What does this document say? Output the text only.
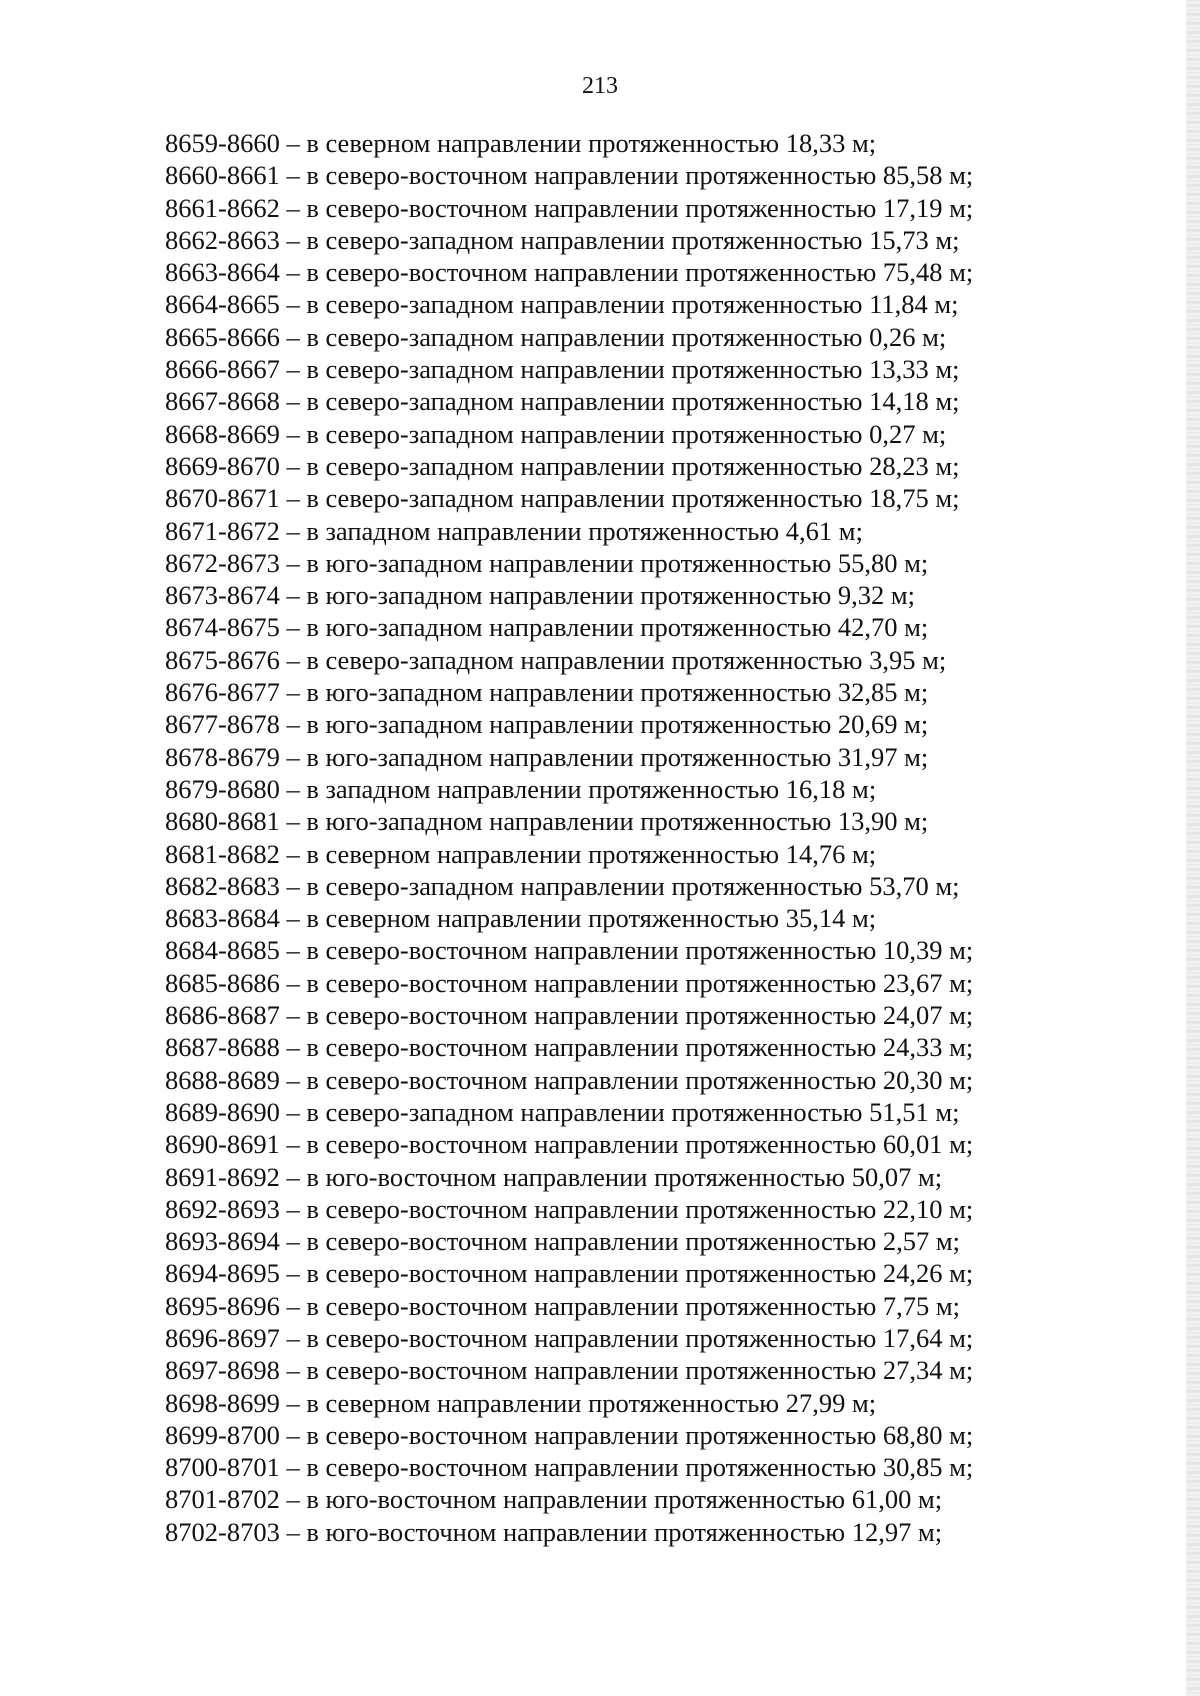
213
8659-8660 – в северном направлении протяженностью 18,33 м;
8660-8661 – в северо-восточном направлении протяженностью 85,58 м;
8661-8662 – в северо-восточном направлении протяженностью 17,19 м;
8662-8663 – в северо-западном направлении протяженностью 15,73 м;
8663-8664 – в северо-восточном направлении протяженностью 75,48 м;
8664-8665 – в северо-западном направлении протяженностью 11,84 м;
8665-8666 – в северо-западном направлении протяженностью 0,26 м;
8666-8667 – в северо-западном направлении протяженностью 13,33 м;
8667-8668 – в северо-западном направлении протяженностью 14,18 м;
8668-8669 – в северо-западном направлении протяженностью 0,27 м;
8669-8670 – в северо-западном направлении протяженностью 28,23 м;
8670-8671 – в северо-западном направлении протяженностью 18,75 м;
8671-8672 – в западном направлении протяженностью 4,61 м;
8672-8673 – в юго-западном направлении протяженностью 55,80 м;
8673-8674 – в юго-западном направлении протяженностью 9,32 м;
8674-8675 – в юго-западном направлении протяженностью 42,70 м;
8675-8676 – в северо-западном направлении протяженностью 3,95 м;
8676-8677 – в юго-западном направлении протяженностью 32,85 м;
8677-8678 – в юго-западном направлении протяженностью 20,69 м;
8678-8679 – в юго-западном направлении протяженностью 31,97 м;
8679-8680 – в западном направлении протяженностью 16,18 м;
8680-8681 – в юго-западном направлении протяженностью 13,90 м;
8681-8682 – в северном направлении протяженностью 14,76 м;
8682-8683 – в северо-западном направлении протяженностью 53,70 м;
8683-8684 – в северном направлении протяженностью 35,14 м;
8684-8685 – в северо-восточном направлении протяженностью 10,39 м;
8685-8686 – в северо-восточном направлении протяженностью 23,67 м;
8686-8687 – в северо-восточном направлении протяженностью 24,07 м;
8687-8688 – в северо-восточном направлении протяженностью 24,33 м;
8688-8689 – в северо-восточном направлении протяженностью 20,30 м;
8689-8690 – в северо-западном направлении протяженностью 51,51 м;
8690-8691 – в северо-восточном направлении протяженностью 60,01 м;
8691-8692 – в юго-восточном направлении протяженностью 50,07 м;
8692-8693 – в северо-восточном направлении протяженностью 22,10 м;
8693-8694 – в северо-восточном направлении протяженностью 2,57 м;
8694-8695 – в северо-восточном направлении протяженностью 24,26 м;
8695-8696 – в северо-восточном направлении протяженностью 7,75 м;
8696-8697 – в северо-восточном направлении протяженностью 17,64 м;
8697-8698 – в северо-восточном направлении протяженностью 27,34 м;
8698-8699 – в северном направлении протяженностью 27,99 м;
8699-8700 – в северо-восточном направлении протяженностью 68,80 м;
8700-8701 – в северо-восточном направлении протяженностью 30,85 м;
8701-8702 – в юго-восточном направлении протяженностью 61,00 м;
8702-8703 – в юго-восточном направлении протяженностью 12,97 м;
